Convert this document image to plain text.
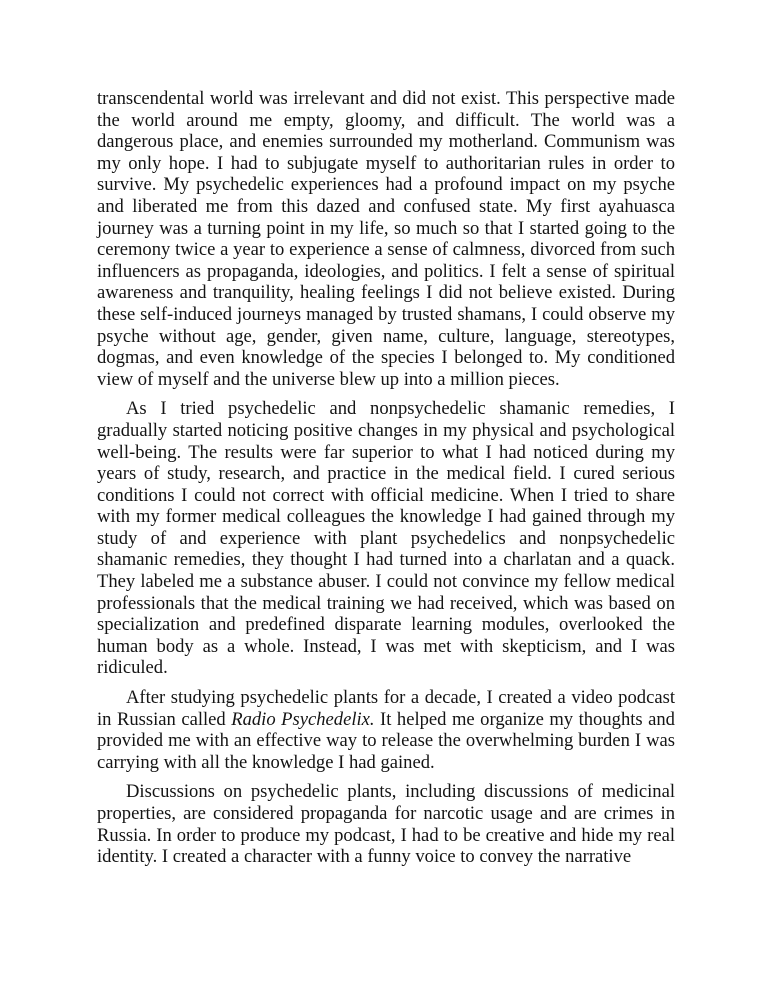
transcendental world was irrelevant and did not exist. This perspective made the world around me empty, gloomy, and difficult. The world was a dangerous place, and enemies surrounded my motherland. Communism was my only hope. I had to subjugate myself to authoritarian rules in order to survive. My psychedelic experiences had a profound impact on my psyche and liberated me from this dazed and confused state. My first ayahuasca journey was a turning point in my life, so much so that I started going to the ceremony twice a year to experience a sense of calmness, divorced from such influencers as propaganda, ideologies, and politics. I felt a sense of spiritual awareness and tranquility, healing feelings I did not believe existed. During these self-induced journeys managed by trusted shamans, I could observe my psyche without age, gender, given name, culture, language, stereotypes, dogmas, and even knowledge of the species I belonged to. My conditioned view of myself and the universe blew up into a million pieces.

As I tried psychedelic and nonpsychedelic shamanic remedies, I gradually started noticing positive changes in my physical and psychological well-being. The results were far superior to what I had noticed during my years of study, research, and practice in the medical field. I cured serious conditions I could not correct with official medicine. When I tried to share with my former medical colleagues the knowledge I had gained through my study of and experience with plant psychedelics and nonpsychedelic shamanic remedies, they thought I had turned into a charlatan and a quack. They labeled me a substance abuser. I could not convince my fellow medical professionals that the medical training we had received, which was based on specialization and predefined disparate learning modules, overlooked the human body as a whole. Instead, I was met with skepticism, and I was ridiculed.

After studying psychedelic plants for a decade, I created a video podcast in Russian called Radio Psychedelix. It helped me organize my thoughts and provided me with an effective way to release the overwhelming burden I was carrying with all the knowledge I had gained.

Discussions on psychedelic plants, including discussions of medicinal properties, are considered propaganda for narcotic usage and are crimes in Russia. In order to produce my podcast, I had to be creative and hide my real identity. I created a character with a funny voice to convey the narrative
